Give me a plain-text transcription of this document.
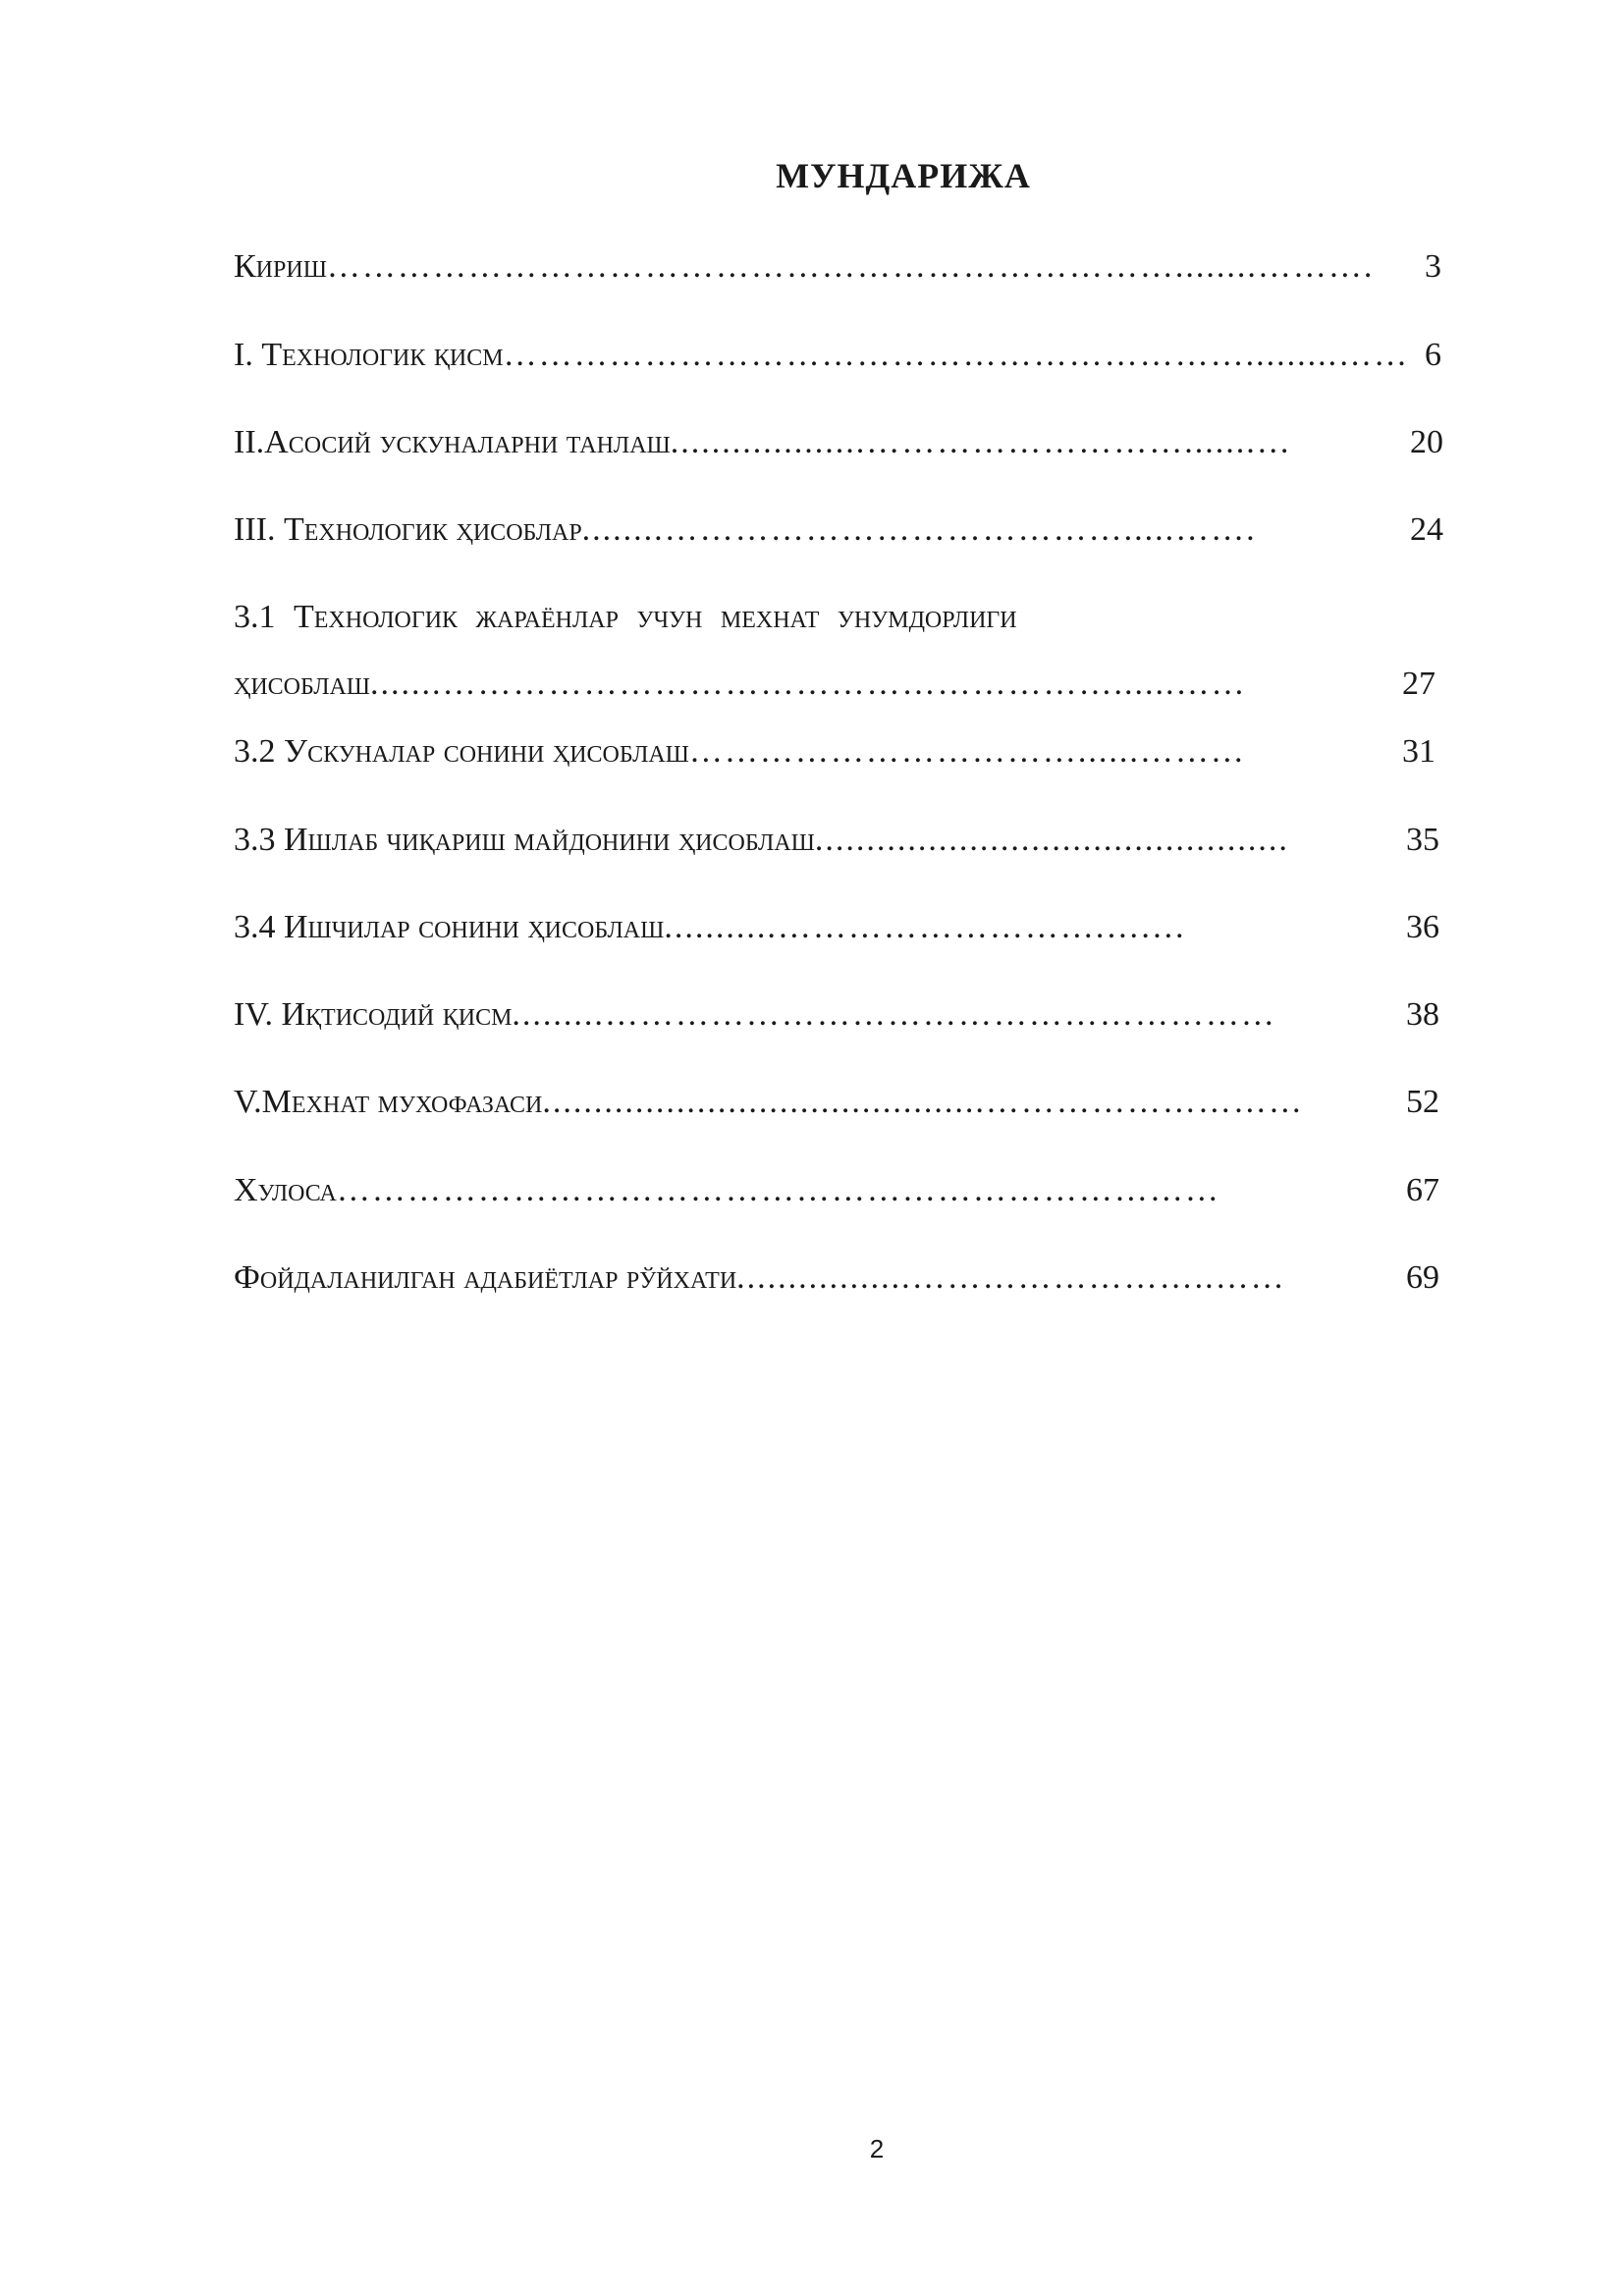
МУНДАРИЖА
Кириш………………………………………………………………........………. 3
I. Технологик қисм……………………………………………………….........…… 6
II.Асосий ускуналарни танлаш...................……………………….......…	20
III. Технологик ҳисоблар........………………………………….....…….	24
3.1 Технологик жараёнлар учун мехнат унумдорлиги
ҳисоблаш.......…………………………………………………......……	27
3.2 Ускуналар сонини ҳисоблаш……………………………......………	31
3.3 Ишлаб чиқариш майдонини ҳисоблаш..............................................	35
3.4 Ишчилар сонини ҳисоблаш...........……………………….….…	36
IV. Иқтисодий қисм.........…………………………………………………	38
V.Мехнат мухофазаси...........................................………………………	52
Хулоса…………………………………………………………………	67
Фойдаланилган адабиётлар рўйхати.................……………………..……	69
2
